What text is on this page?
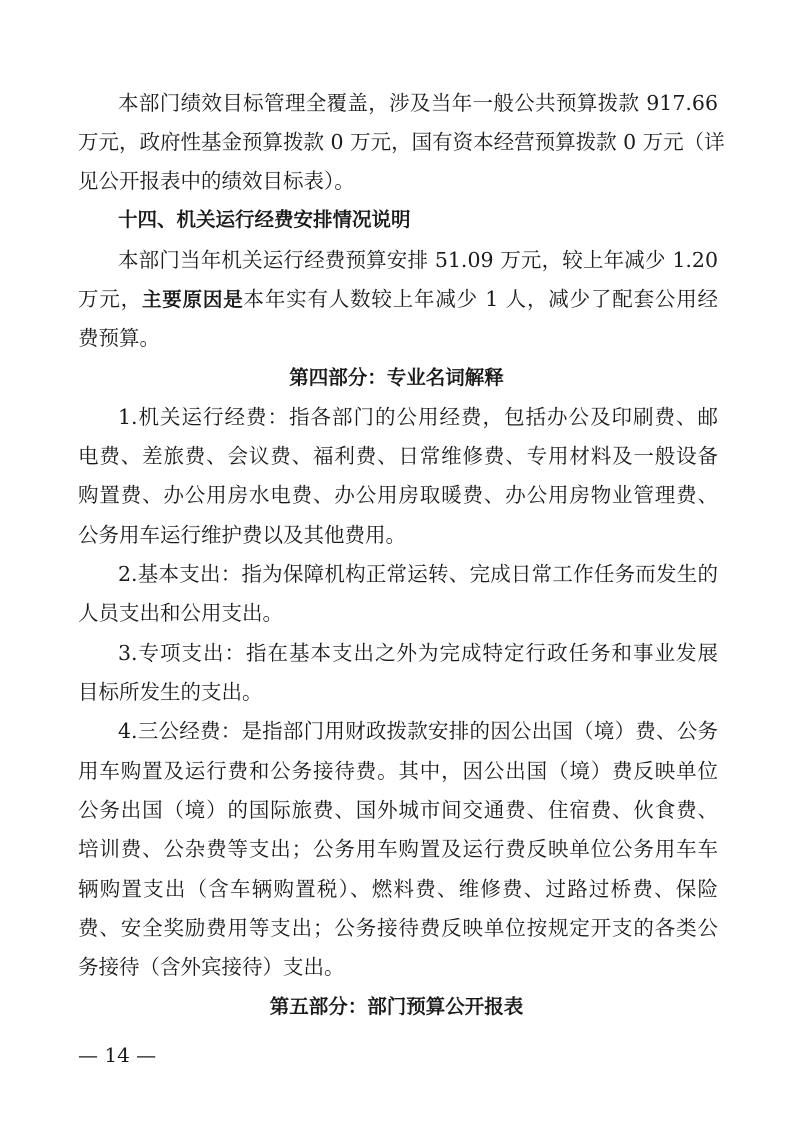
本部门绩效目标管理全覆盖，涉及当年一般公共预算拨款 917.66
万元，政府性基金预算拨款 0 万元，国有资本经营预算拨款 0 万元（详
见公开报表中的绩效目标表）。
十四、机关运行经费安排情况说明
本部门当年机关运行经费预算安排 51.09 万元，较上年减少 1.20
万元，主要原因是本年实有人数较上年减少 1 人，减少了配套公用经
费预算。
第四部分：专业名词解释
1.机关运行经费：指各部门的公用经费，包括办公及印刷费、邮
电费、差旅费、会议费、福利费、日常维修费、专用材料及一般设备
购置费、办公用房水电费、办公用房取暖费、办公用房物业管理费、
公务用车运行维护费以及其他费用。
2.基本支出：指为保障机构正常运转、完成日常工作任务而发生的
人员支出和公用支出。
3.专项支出：指在基本支出之外为完成特定行政任务和事业发展
目标所发生的支出。
4.三公经费：是指部门用财政拨款安排的因公出国（境）费、公务
用车购置及运行费和公务接待费。其中，因公出国（境）费反映单位
公务出国（境）的国际旅费、国外城市间交通费、住宿费、伙食费、
培训费、公杂费等支出；公务用车购置及运行费反映单位公务用车车
辆购置支出（含车辆购置税）、燃料费、维修费、过路过桥费、保险
费、安全奖励费用等支出；公务接待费反映单位按规定开支的各类公
务接待（含外宾接待）支出。
第五部分：部门预算公开报表
— 14 —
